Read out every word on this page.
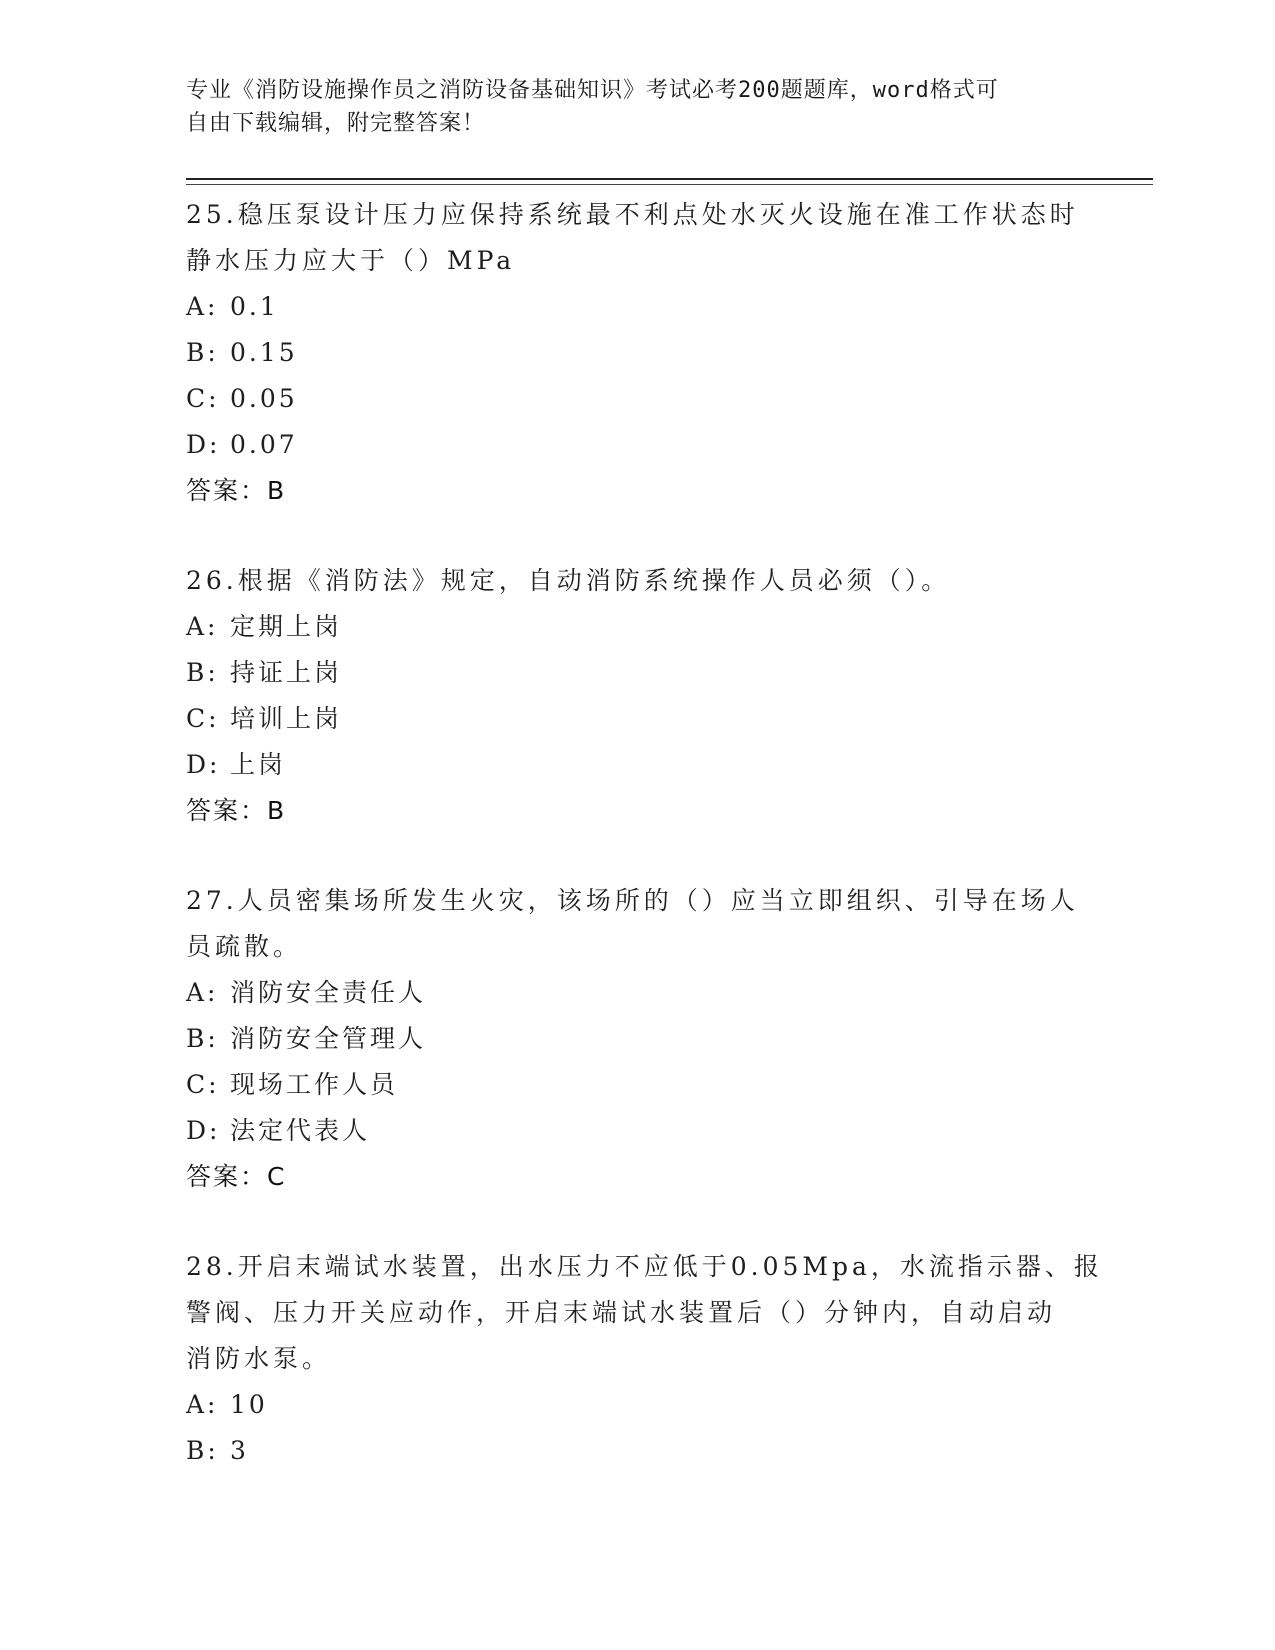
专业《消防设施操作员之消防设备基础知识》考试必考200题题库，word格式可
自由下载编辑，附完整答案！
25.稳压泵设计压力应保持系统最不利点处水灭火设施在准工作状态时
静水压力应大于（）MPa
A: 0.1
B: 0.15
C: 0.05
D: 0.07
答案：B
26.根据《消防法》规定，自动消防系统操作人员必须（）。
A: 定期上岗
B: 持证上岗
C: 培训上岗
D: 上岗
答案：B
27.人员密集场所发生火灾，该场所的（）应当立即组织、引导在场人
员疏散。
A: 消防安全责任人
B: 消防安全管理人
C: 现场工作人员
D: 法定代表人
答案：C
28.开启末端试水装置，出水压力不应低于0.05Mpa，水流指示器、报
警阀、压力开关应动作，开启末端试水装置后（）分钟内，自动启动
消防水泵。
A: 10
B: 3
